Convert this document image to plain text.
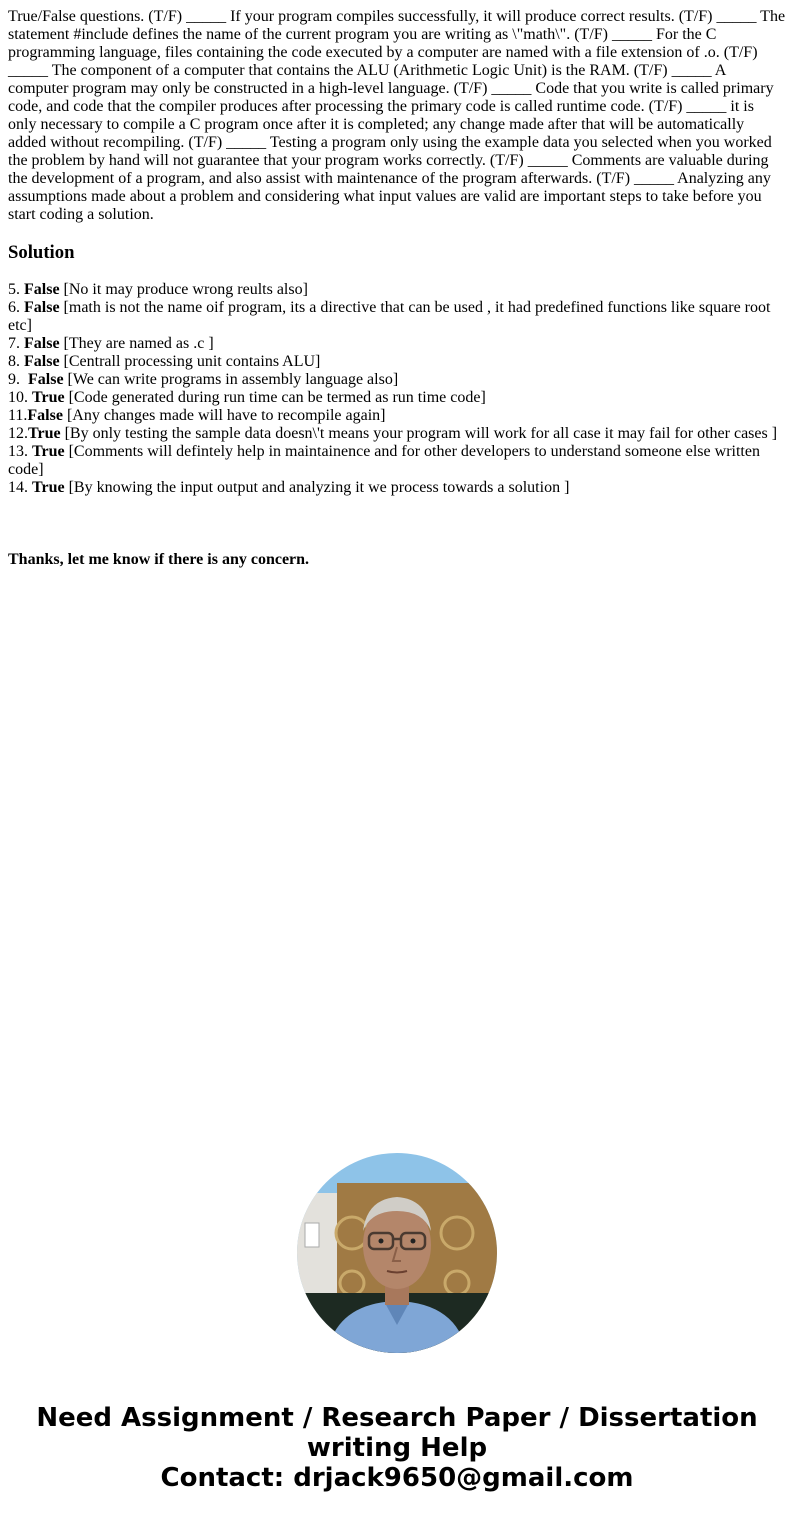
True/False questions. (T/F) _____ If your program compiles successfully, it will produce correct results. (T/F) _____ The statement #include defines the name of the current program you are writing as \"math\". (T/F) _____ For the C programming language, files containing the code executed by a computer are named with a file extension of .o. (T/F) _____ The component of a computer that contains the ALU (Arithmetic Logic Unit) is the RAM. (T/F) _____ A computer program may only be constructed in a high-level language. (T/F) _____ Code that you write is called primary code, and code that the compiler produces after processing the primary code is called runtime code. (T/F) _____ it is only necessary to compile a C program once after it is completed; any change made after that will be automatically added without recompiling. (T/F) _____ Testing a program only using the example data you selected when you worked the problem by hand will not guarantee that your program works correctly. (T/F) _____ Comments are valuable during the development of a program, and also assist with maintenance of the program afterwards. (T/F) _____ Analyzing any assumptions made about a problem and considering what input values are valid are important steps to take before you start coding a solution.

Solution
5. False [No it may produce wrong reults also]
6. False [math is not the name oif program, its a directive that can be used , it had predefined functions like square root etc]
7. False [They are named as .c ]
8. False [Centrall processing unit contains ALU]
9.  False [We can write programs in assembly language also]
10. True [Code generated during run time can be termed as run time code]
11.False [Any changes made will have to recompile again]
12.True [By only testing the sample data doesn\'t means your program will work for all case it may fail for other cases ]
13. True [Comments will defintely help in maintainence and for other developers to understand someone else written code]
14. True [By knowing the input output and analyzing it we process towards a solution ]

Thanks, let me know if there is any concern.

Need Assignment / Research Paper / Dissertation
writing Help
Contact: drjack9650@gmail.com
